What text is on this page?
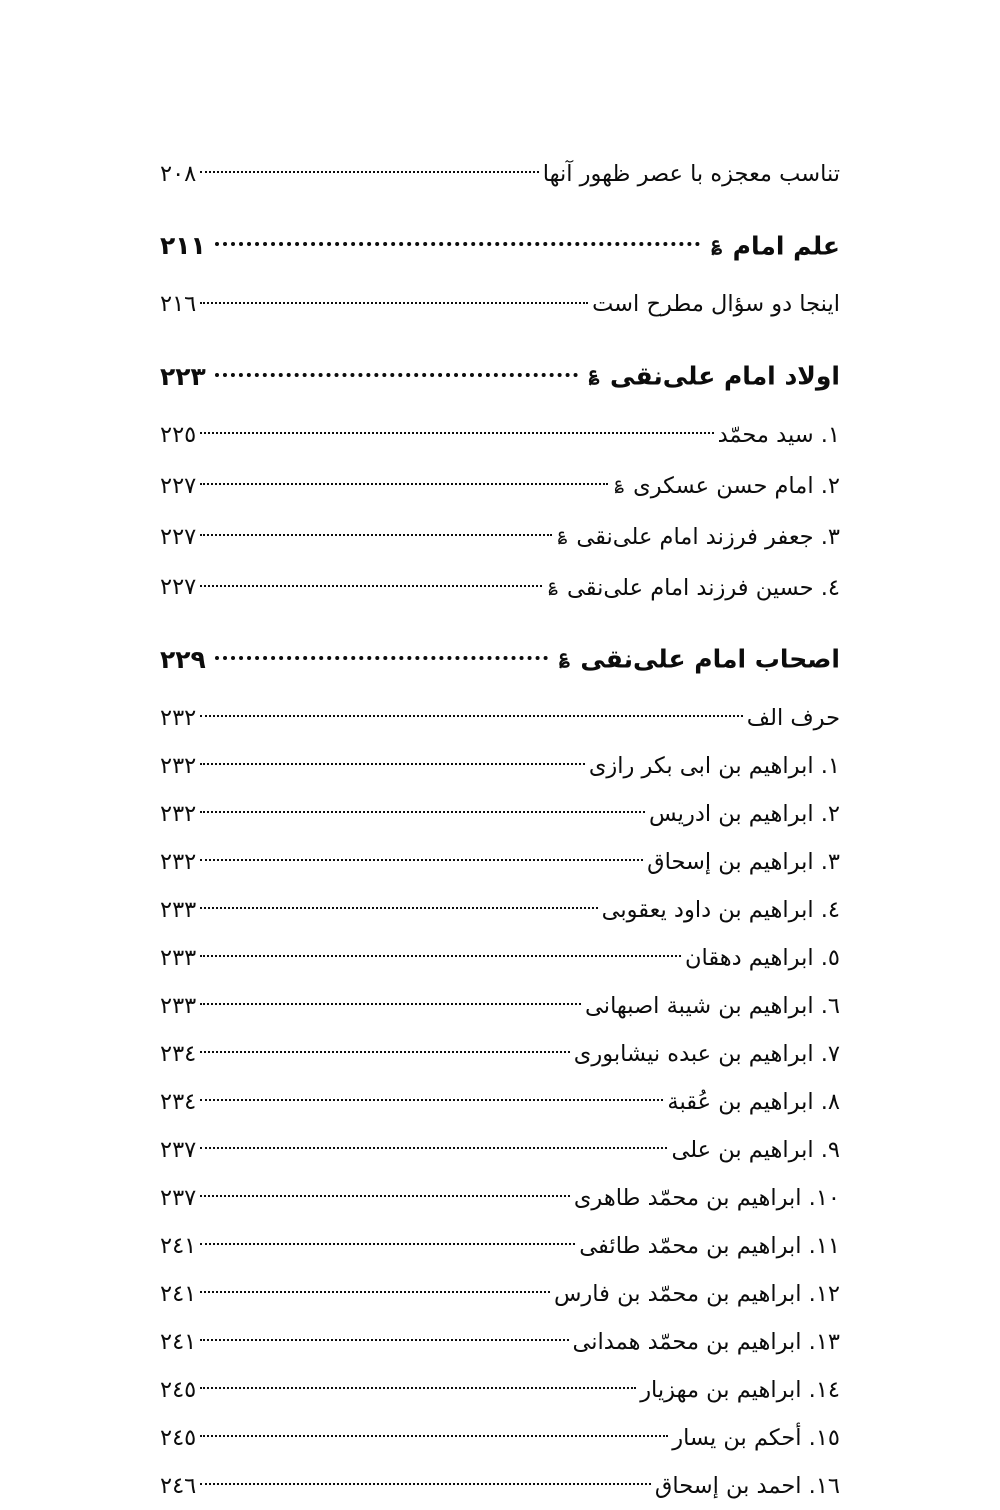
تناسب معجزه با عصر ظهور آنها
٢٠٨
علم امام ؏
٢١١
اینجا دو سؤال مطرح است
٢١٦
اولاد امام علی‌نقی ؏
٢٢٣
١. سید محمّد
٢٢٥
٢. امام حسن عسکری ؏
٢٢٧
٣. جعفر فرزند امام علی‌نقی ؏
٢٢٧
٤. حسین فرزند امام علی‌نقی ؏
٢٢٧
اصحاب امام علی‌نقی ؏
٢٢٩
حرف الف
٢٣٢
١. ابراهیم بن ابی بکر رازی
٢٣٢
٢. ابراهیم بن ادریس
٢٣٢
٣. ابراهیم بن إسحاق
٢٣٢
٤. ابراهیم بن داود یعقوبی
٢٣٣
٥. ابراهیم دهقان
٢٣٣
٦. ابراهیم بن شیبة اصبهانی
٢٣٣
٧. ابراهیم بن عبده نیشابوری
٢٣٤
٨. ابراهیم بن عُقبة
٢٣٤
٩. ابراهیم بن علی
٢٣٧
١٠. ابراهیم بن محمّد طاهری
٢٣٧
١١. ابراهیم بن محمّد طائفی
٢٤١
١٢. ابراهیم بن محمّد بن فارس
٢٤١
١٣. ابراهیم بن محمّد همدانی
٢٤١
١٤. ابراهیم بن مهزیار
٢٤٥
١٥. أحکم بن یسار
٢٤٥
١٦. احمد بن إسحاق
٢٤٦
